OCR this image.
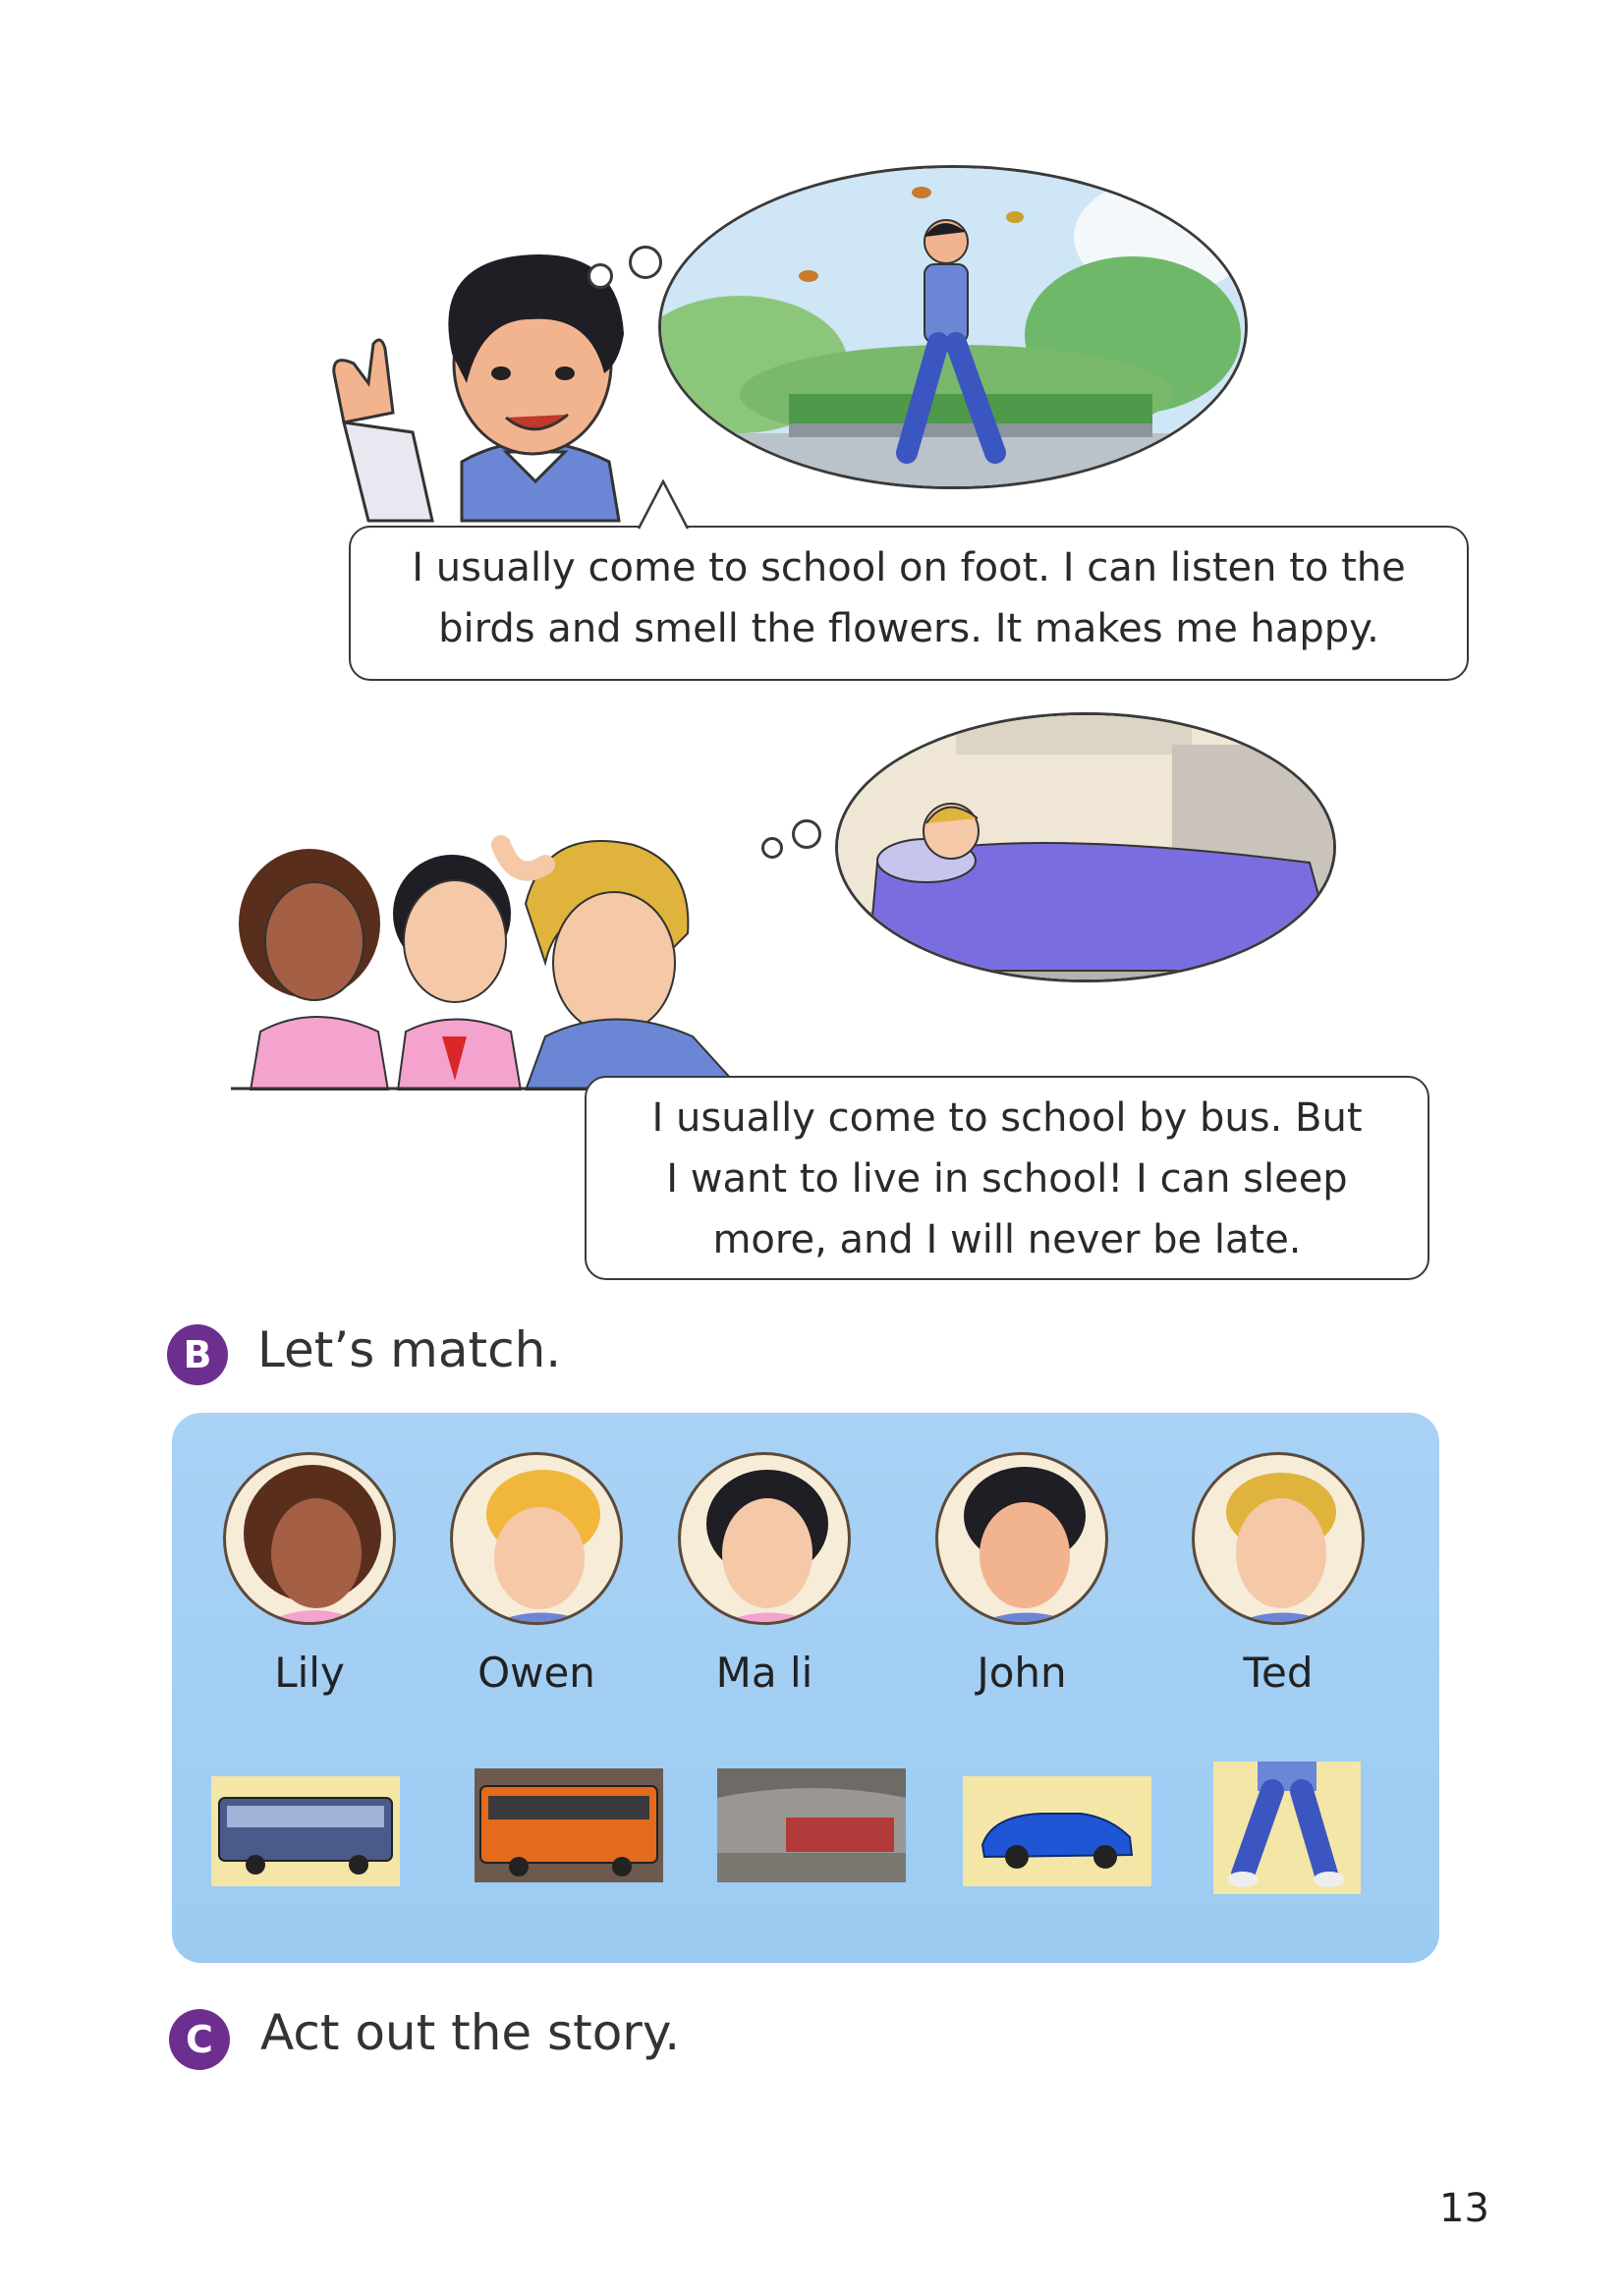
I usually come to school on foot. I can listen to the
birds and smell the flowers. It makes me happy.
I usually come to school by bus. But
I want to live in school! I can sleep
more, and I will never be late.
B Let’s match.
Lily	Owen	Ma li	John	Ted
C Act out the story.
13
